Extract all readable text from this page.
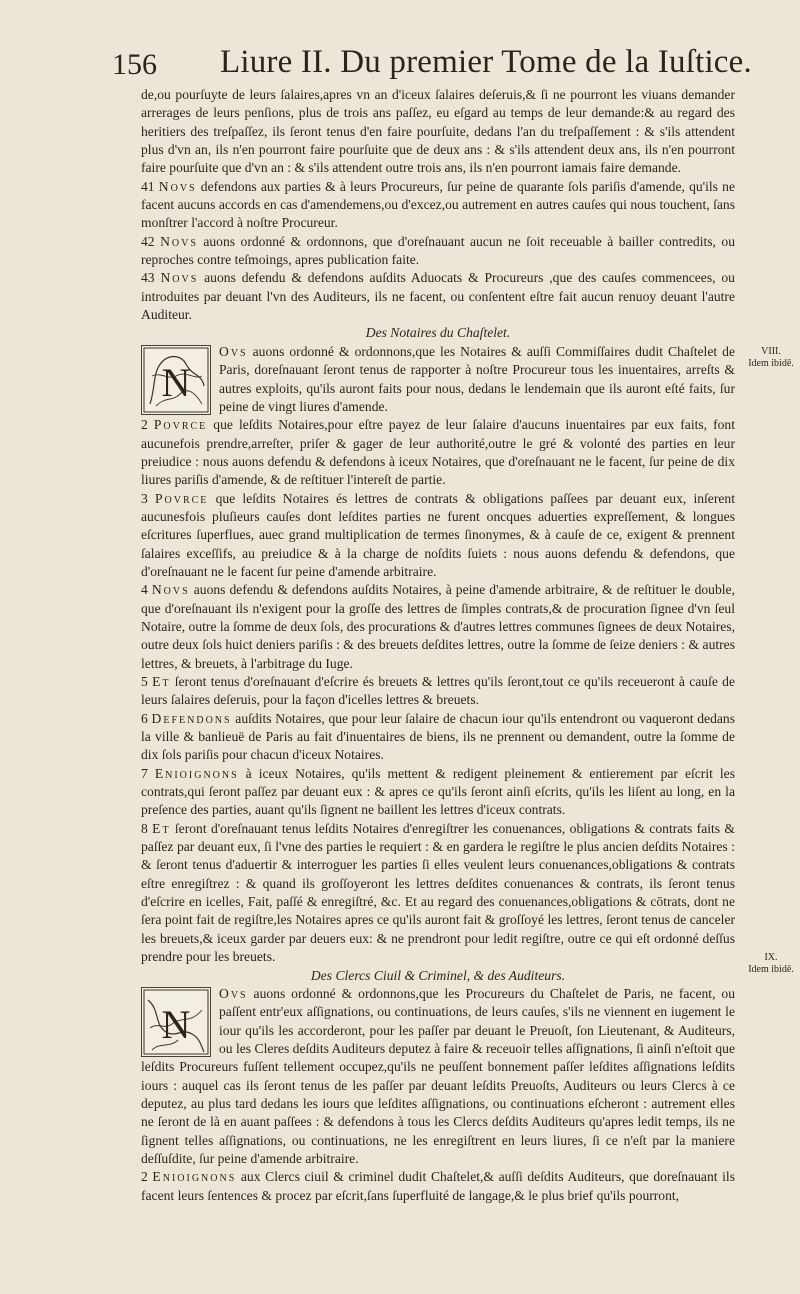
156 Liure II. Du premier Tome de la Iuſtice.
VIII.
Idem ibidē.
IX.
Idem ibidē.

de,ou pourſuyte de leurs ſalaires,apres vn an d'iceux ſalaires deſeruis,& ſi ne pourront les viuans demander arrerages de leurs penſions, plus de trois ans paſſez, eu eſgard au temps de leur demande:& au regard des heritiers des treſpaſſez, ils ſeront tenus d'en faire pourſuite, dedans l'an du treſpaſſement : & s'ils attendent plus d'vn an, ils n'en pourront faire pourſuite que de deux ans : & s'ils attendent deux ans, ils n'en pourront faire pourſuite que d'vn an : & s'ils attendent outre trois ans, ils n'en pourront iamais faire demande.

41 Novs defendons aux parties & à leurs Procureurs, ſur peine de quarante ſols pariſis d'amende, qu'ils ne facent aucuns accords en cas d'amendemens,ou d'excez,ou autrement en autres cauſes qui nous touchent, ſans monſtrer l'accord à noſtre Procureur.

42 Novs auons ordonné & ordonnons, que d'oreſnauant aucun ne ſoit receuable à bailler contredits, ou reproches contre teſmoings, apres publication faite.

43 Novs auons defendu & defendons auſdits Aduocats & Procureurs ,que des cauſes commencees, ou introduites par deuant l'vn des Auditeurs, ils ne facent, ou conſentent eſtre fait aucun renuoy deuant l'autre Auditeur.

Des Notaires du Chaſtelet.

N
Ovs auons ordonné & ordonnons,que les Notaires & auſſi Commiſſaires dudit Chaſtelet de Paris, doreſnauant ſeront tenus de rapporter à noſtre Procureur tous les inuentaires, arreſts & autres exploits, qu'ils auront faits pour nous, dedans le lendemain que ils auront eſté faits, ſur peine de vingt liures d'amende.

2 Povrce que leſdits Notaires,pour eſtre payez de leur ſalaire d'aucuns inuentaires par eux faits, font aucunefois prendre,arreſter, priſer & gager de leur authorité,outre le gré & volonté des parties en leur preiudice : nous auons defendu & defendons à iceux Notaires, que d'oreſnauant ne le facent, ſur peine de dix liures pariſis d'amende, & de reſtituer l'intereſt de partie.

3 Povrce que leſdits Notaires és lettres de contrats & obligations paſſees par deuant eux, inſerent aucunesfois pluſieurs cauſes dont leſdites parties ne furent oncques aduerties expreſſement, & longues eſcritures ſuperflues, auec grand multiplication de termes ſinonymes, & à cauſe de ce, exigent & prennent ſalaires exceſſifs, au preiudice & à la charge de noſdits ſuiets : nous auons defendu & defendons, que d'oreſnauant ne le facent ſur peine d'amende arbitraire.

4 Novs auons defendu & defendons auſdits Notaires, à peine d'amende arbitraire, & de reſtituer le double, que d'oreſnauant ils n'exigent pour la groſſe des lettres de ſimples contrats,& de procuration ſignee d'vn ſeul Notaire, outre la ſomme de deux ſols, des procurations & d'autres lettres communes ſignees de deux Notaires, outre deux ſols huict deniers pariſis : & des breuets deſdites lettres, outre la ſomme de ſeize deniers : & autres lettres, & breuets, à l'arbitrage du Iuge.

5 Et ſeront tenus d'oreſnauant d'eſcrire és breuets & lettres qu'ils ſeront,tout ce qu'ils receueront à cauſe de leurs ſalaires deſeruis, pour la façon d'icelles lettres & breuets.

6 Defendons auſdits Notaires, que pour leur ſalaire de chacun iour qu'ils entendront ou vaqueront dedans la ville & banlieuë de Paris au fait d'inuentaires de biens, ils ne prennent ou demandent, outre la ſomme de dix ſols pariſis pour chacun d'iceux Notaires.

7 Enioignons à iceux Notaires, qu'ils mettent & redigent pleinement & entierement par eſcrit les contrats,qui ſeront paſſez par deuant eux : & apres ce qu'ils ſeront ainſi eſcrits, qu'ils les liſent au long, en la preſence des parties, auant qu'ils ſignent ne baillent les lettres d'iceux contrats.

8 Et ſeront d'oreſnauant tenus leſdits Notaires d'enregiſtrer les conuenances, obligations & contrats faits & paſſez par deuant eux, ſi l'vne des parties le requiert : & en gardera le regiſtre le plus ancien deſdits Notaires : & ſeront tenus d'aduertir & interroguer les parties ſi elles veulent leurs conuenances,obligations & contrats eſtre enregiſtrez : & quand ils groſſoyeront les lettres deſdites conuenances & contrats, ils ſeront tenus d'eſcrire en icelles, Fait, paſſé & enregiſtré, &c. Et au regard des conuenances,obligations & cōtrats, dont ne ſera point fait de regiſtre,les Notaires apres ce qu'ils auront fait & groſſoyé les lettres, ſeront tenus de canceler les breuets,& iceux garder par deuers eux: & ne prendront pour ledit regiſtre, outre ce qui eſt ordonné deſſus prendre pour les breuets.

Des Clercs Ciuil & Criminel, & des Auditeurs.

N
Ovs auons ordonné & ordonnons,que les Procureurs du Chaſtelet de Paris, ne facent, ou paſſent entr'eux aſſignations, ou continuations, de leurs cauſes, s'ils ne viennent en iugement le iour qu'ils les accorderont, pour les paſſer par deuant le Preuoſt, ſon Lieutenant, & Auditeurs, ou les Cleres deſdits Auditeurs deputez à faire & receuoir telles aſſignations, ſi ainſi n'eſtoit que leſdits Procureurs fuſſent tellement occupez,qu'ils ne peuſſent bonnement paſſer leſdites aſſignations leſdits iours : auquel cas ils ſeront tenus de les paſſer par deuant leſdits Preuoſts, Auditeurs ou leurs Clercs à ce deputez, au plus tard dedans les iours que leſdites aſſignations, ou continuations eſcheront : autrement elles ne ſeront de là en auant paſſees : & defendons à tous les Clercs deſdits Auditeurs qu'apres ledit temps, ils ne ſignent telles aſſignations, ou continuations, ne les enregiſtrent en leurs liures, ſi ce n'eſt par la maniere deſſuſdite, ſur peine d'amende arbitraire.

2 Enioignons aux Clercs ciuil & criminel dudit Chaſtelet,& auſſi deſdits Auditeurs, que doreſnauant ils facent leurs ſentences & procez par eſcrit,ſans ſuperfluité de langage,& le plus brief qu'ils pourront,
